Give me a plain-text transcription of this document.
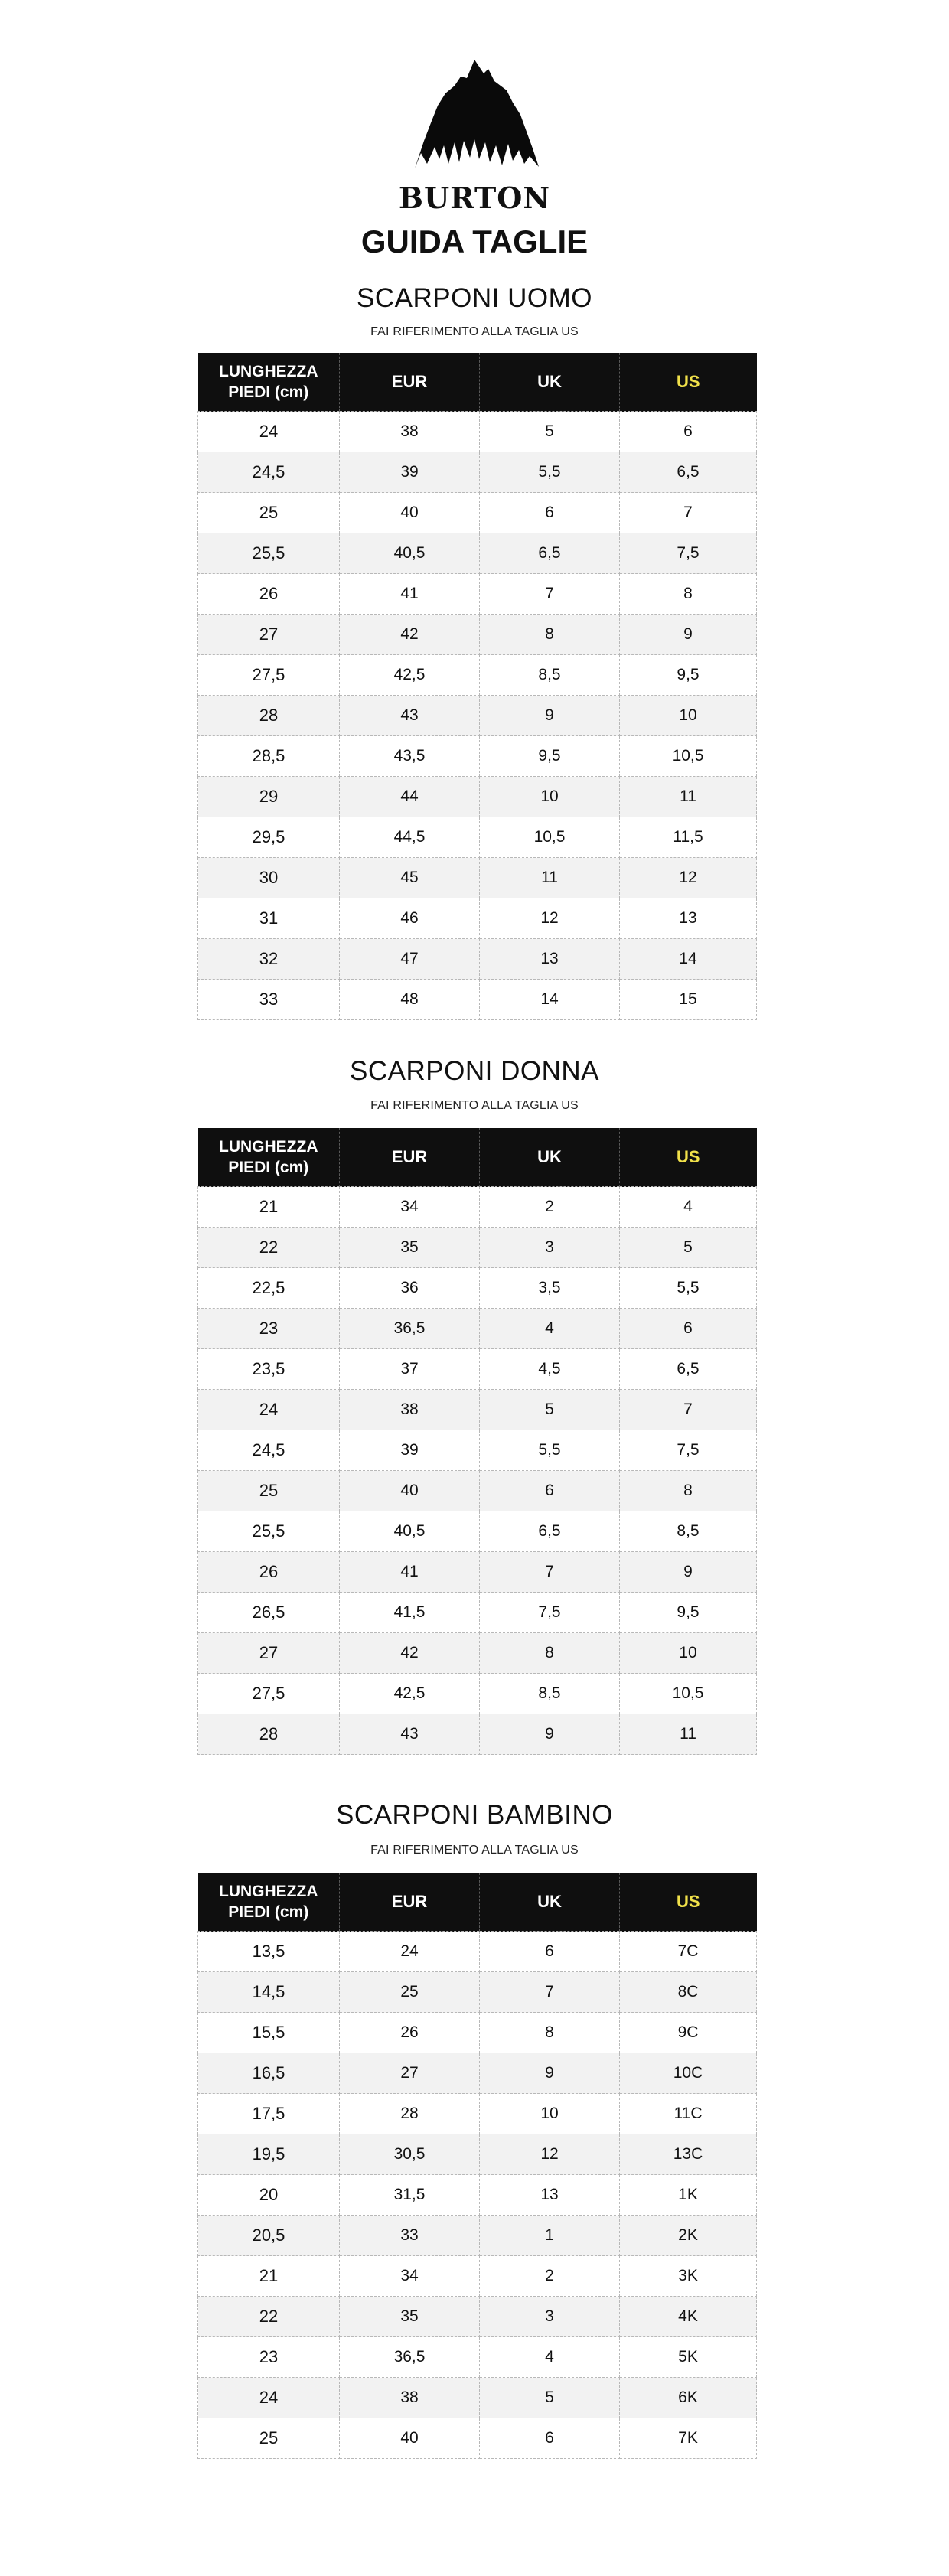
BURTON
GUIDA TAGLIE
SCARPONI UOMO
FAI RIFERIMENTO ALLA TAGLIA US
LUNGHEZZA PIEDI (cm)	EUR	UK	US
24	38	5	6
24,5	39	5,5	6,5
25	40	6	7
25,5	40,5	6,5	7,5
26	41	7	8
27	42	8	9
27,5	42,5	8,5	9,5
28	43	9	10
28,5	43,5	9,5	10,5
29	44	10	11
29,5	44,5	10,5	11,5
30	45	11	12
31	46	12	13
32	47	13	14
33	48	14	15
SCARPONI DONNA
FAI RIFERIMENTO ALLA TAGLIA US
LUNGHEZZA PIEDI (cm)	EUR	UK	US
21	34	2	4
22	35	3	5
22,5	36	3,5	5,5
23	36,5	4	6
23,5	37	4,5	6,5
24	38	5	7
24,5	39	5,5	7,5
25	40	6	8
25,5	40,5	6,5	8,5
26	41	7	9
26,5	41,5	7,5	9,5
27	42	8	10
27,5	42,5	8,5	10,5
28	43	9	11
SCARPONI BAMBINO
FAI RIFERIMENTO ALLA TAGLIA US
LUNGHEZZA PIEDI (cm)	EUR	UK	US
13,5	24	6	7C
14,5	25	7	8C
15,5	26	8	9C
16,5	27	9	10C
17,5	28	10	11C
19,5	30,5	12	13C
20	31,5	13	1K
20,5	33	1	2K
21	34	2	3K
22	35	3	4K
23	36,5	4	5K
24	38	5	6K
25	40	6	7K
